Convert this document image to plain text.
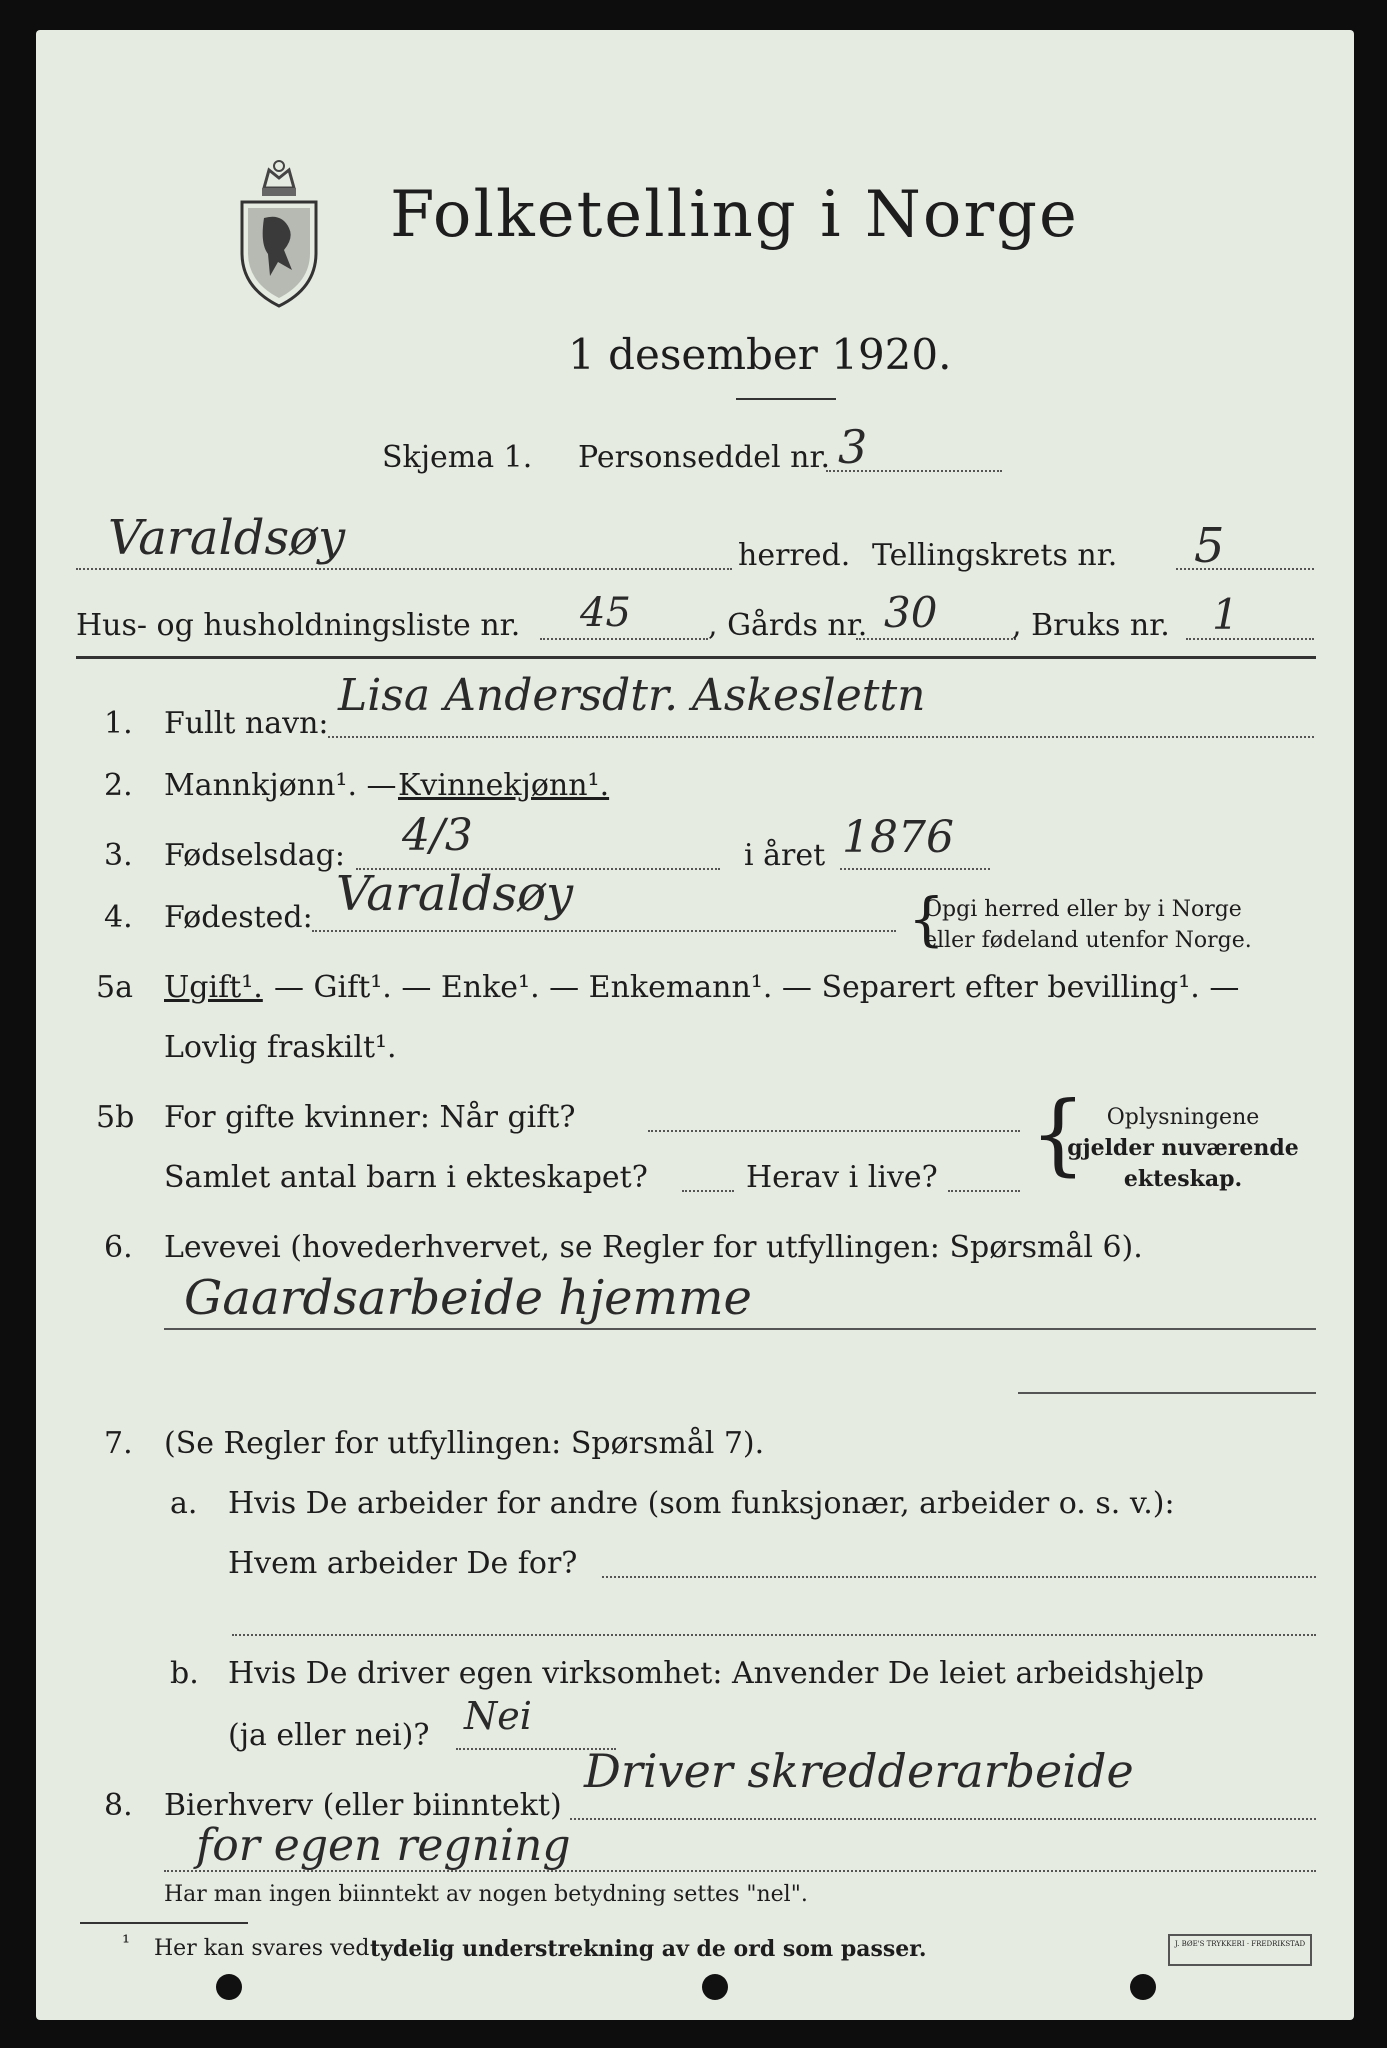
Folketelling i Norge
1 desember 1920.
Skjema 1. Personseddel nr. 3
Varaldsøy	herred. Tellingskrets nr. 5
Hus- og husholdningsliste nr. 45	, Gårds nr. 30 , Bruks nr. 1
1. Fullt navn:
Lisa Andersdtr. Askeslettn
2. Mannkjønn¹. — Kvinnekjønn¹.
3. Fødselsdag: 4/3	i året 1876
4. Fødested: Varaldsøy	{
Opgi herred eller by i Norge
eller fødeland utenfor Norge.
5a Ugift¹. — Gift¹. — Enke¹. — Enkemann¹. — Separert efter bevilling¹. —
Lovlig fraskilt¹.
5b For gifte kvinner: Når gift?
Samlet antal barn i ekteskapet?	Herav i live? { Oplysningene
gjelder nuværende
ekteskap.
6. Levevei (hovederhvervet, se Regler for utfyllingen: Spørsmål 6).
Gaardsarbeide hjemme
7. (Se Regler for utfyllingen: Spørsmål 7).
a. Hvis De arbeider for andre (som funksjonær, arbeider o. s. v.):
Hvem arbeider De for?
b. Hvis De driver egen virksomhet: Anvender De leiet arbeidshjelp
(ja eller nei)? Nei
8. Bierhverv (eller biinntekt)
Driver skredderarbeide
for egen regning
Har man ingen biinntekt av nogen betydning settes "nel".
¹ Her kan svares ved tydelig understrekning av de ord som passer.	J. BØE'S TRYKKERI · FREDRIKSTAD
